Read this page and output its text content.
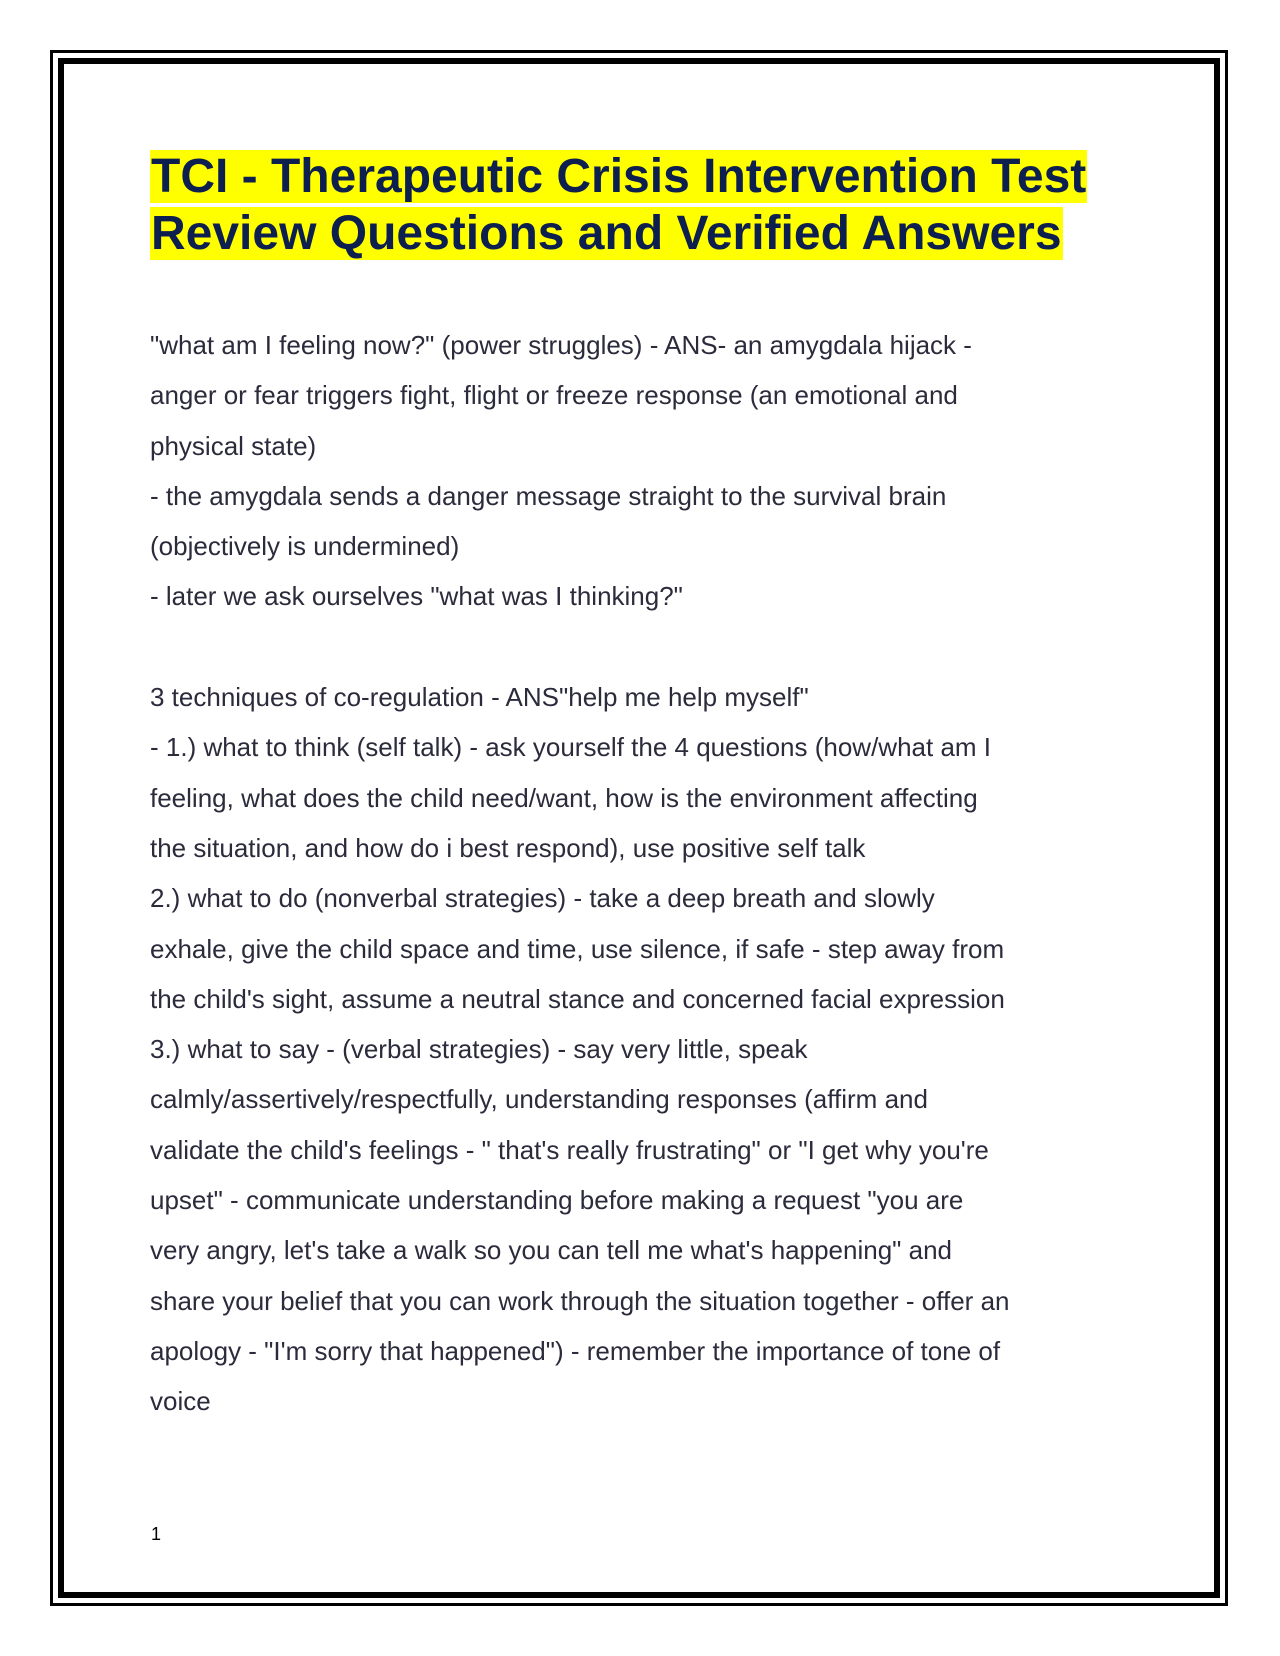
TCI - Therapeutic Crisis Intervention Test
Review Questions and Verified Answers
"what am I feeling now?" (power struggles) - ANS- an amygdala hijack -
anger or fear triggers fight, flight or freeze response (an emotional and
physical state)
- the amygdala sends a danger message straight to the survival brain
(objectively is undermined)
- later we ask ourselves "what was I thinking?"
3 techniques of co-regulation - ANS"help me help myself"
- 1.) what to think (self talk) - ask yourself the 4 questions (how/what am I
feeling, what does the child need/want, how is the environment affecting
the situation, and how do i best respond), use positive self talk
2.) what to do (nonverbal strategies) - take a deep breath and slowly
exhale, give the child space and time, use silence, if safe - step away from
the child's sight, assume a neutral stance and concerned facial expression
3.) what to say - (verbal strategies) - say very little, speak
calmly/assertively/respectfully, understanding responses (affirm and
validate the child's feelings - " that's really frustrating" or "I get why you're
upset" - communicate understanding before making a request "you are
very angry, let's take a walk so you can tell me what's happening" and
share your belief that you can work through the situation together - offer an
apology - "I'm sorry that happened") - remember the importance of tone of
voice
1
